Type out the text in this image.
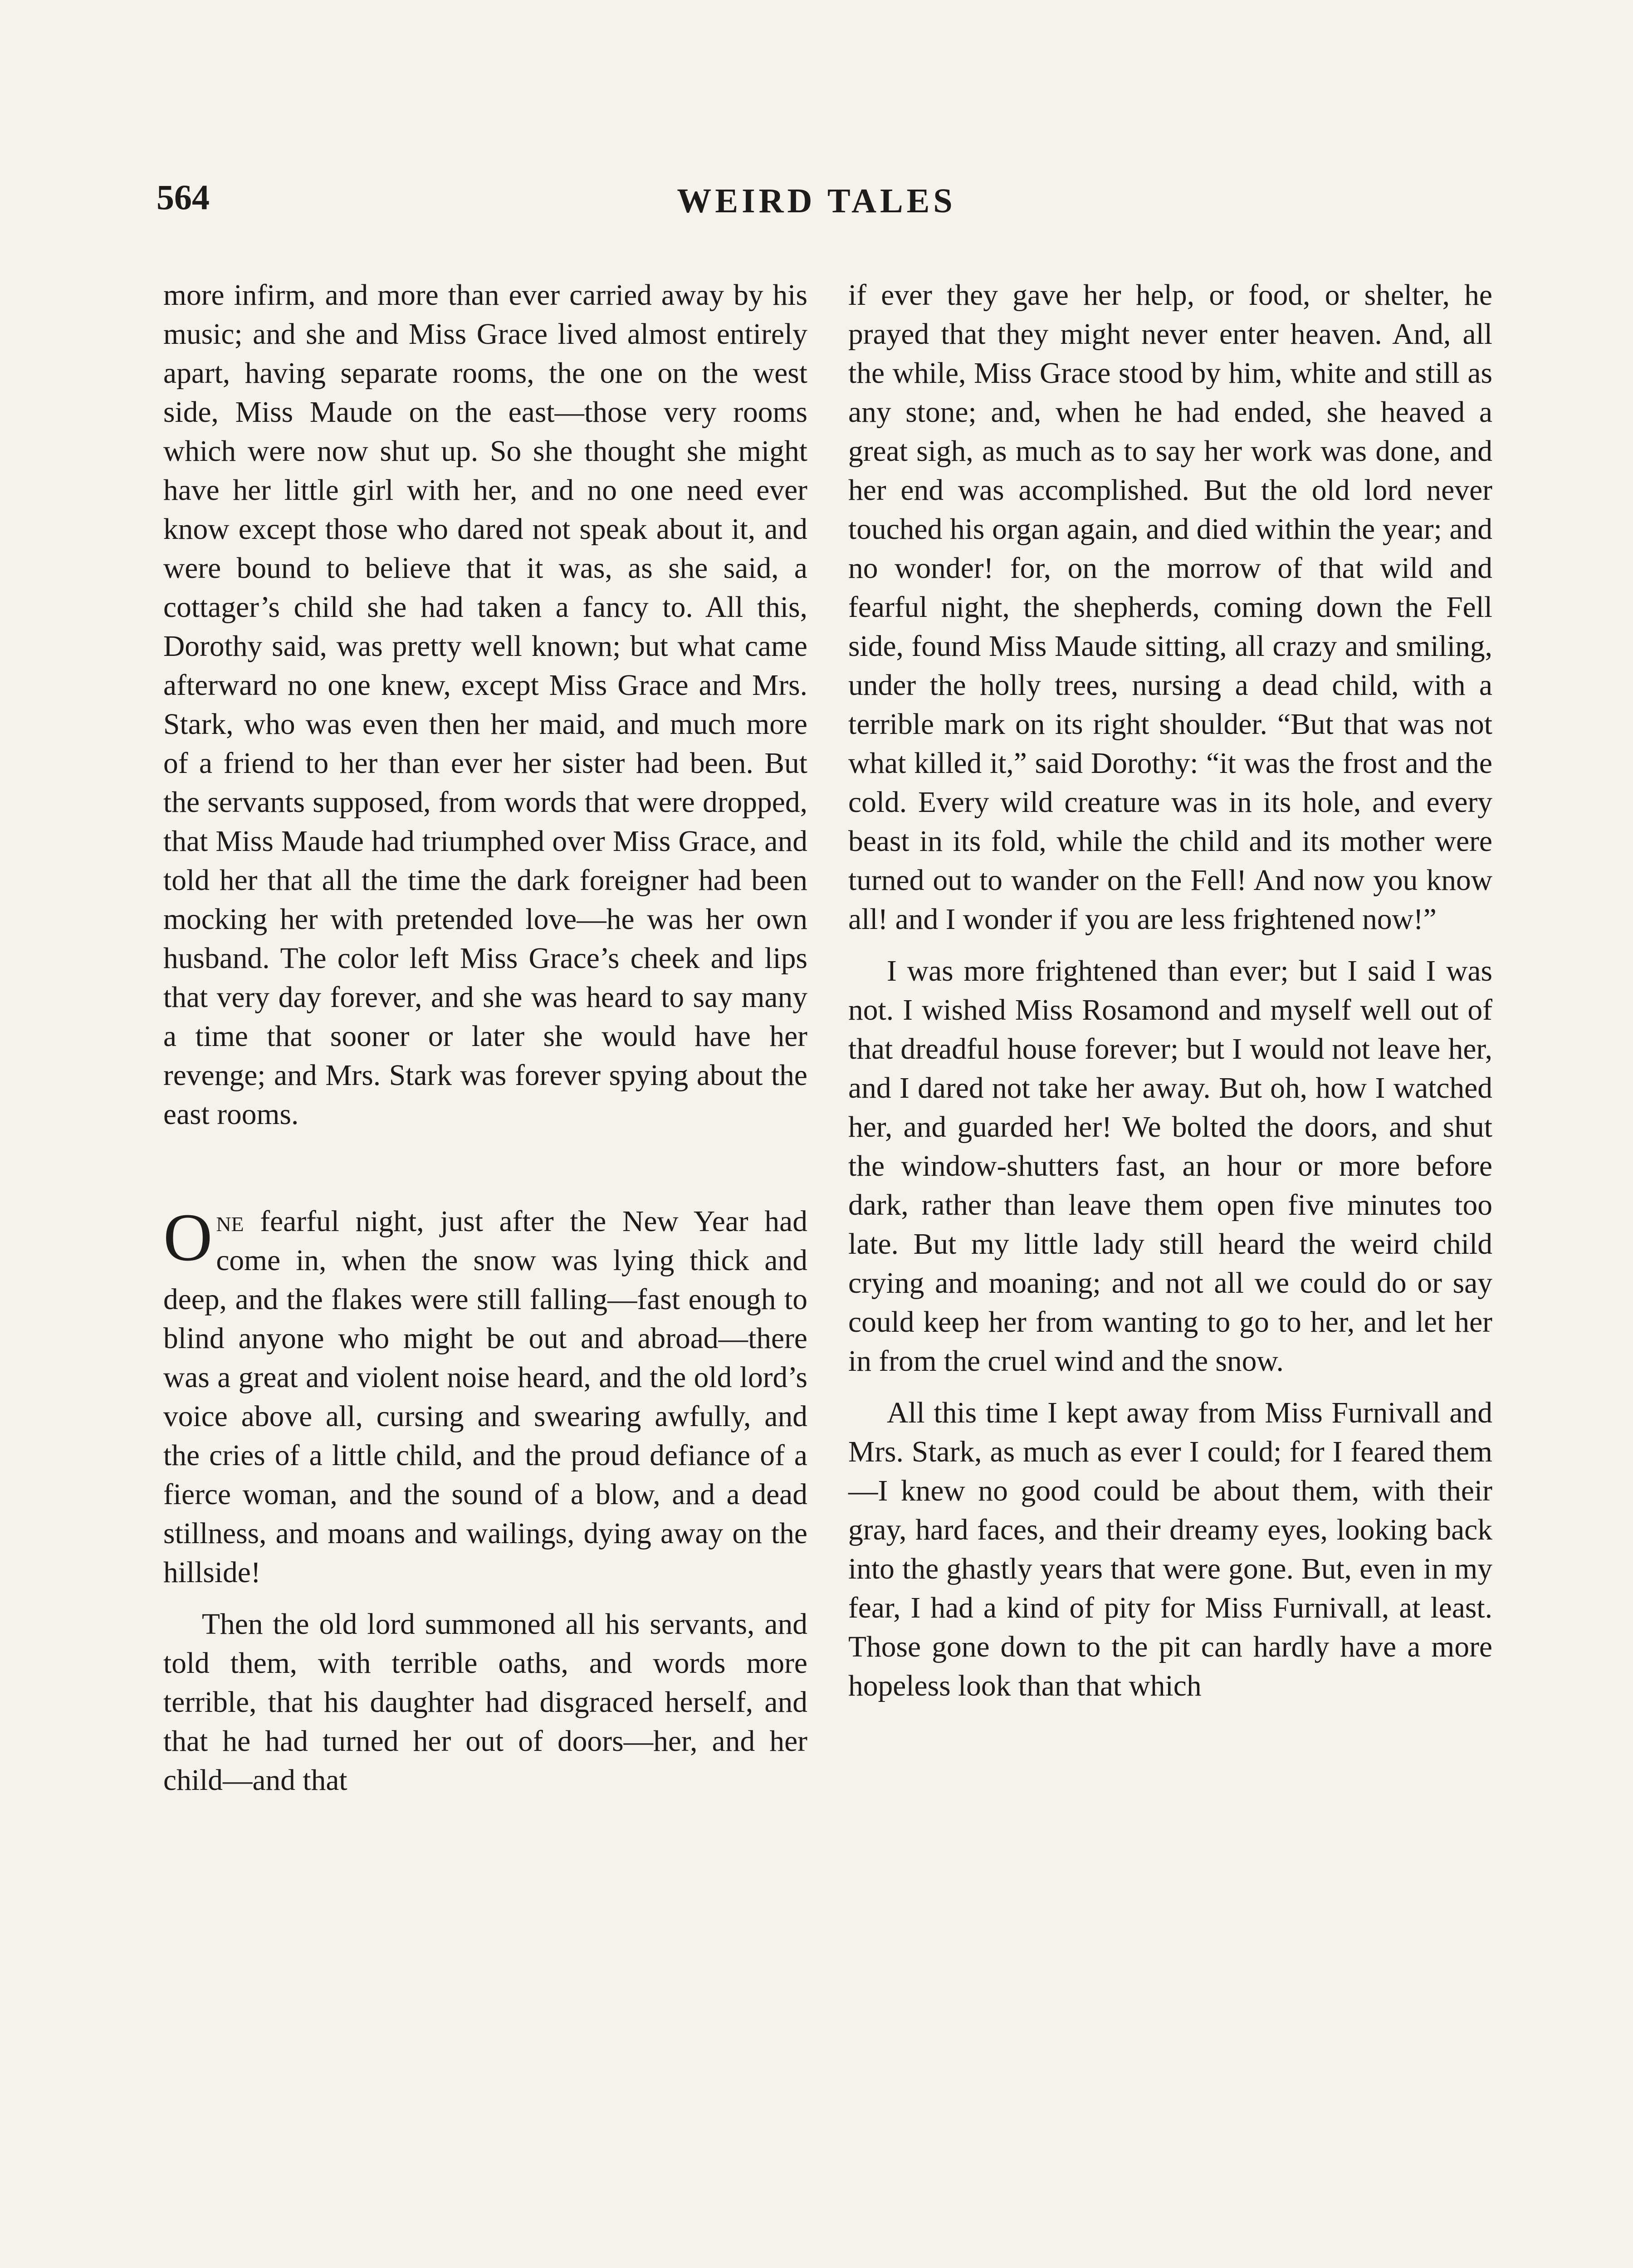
564	WEIRD TALES

more infirm, and more than ever carried away by his music; and she and Miss Grace lived almost entirely apart, having separate rooms, the one on the west side, Miss Maude on the east—those very rooms which were now shut up. So she thought she might have her little girl with her, and no one need ever know except those who dared not speak about it, and were bound to believe that it was, as she said, a cottager’s child she had taken a fancy to. All this, Dorothy said, was pretty well known; but what came afterward no one knew, except Miss Grace and Mrs. Stark, who was even then her maid, and much more of a friend to her than ever her sister had been. But the servants supposed, from words that were dropped, that Miss Maude had triumphed over Miss Grace, and told her that all the time the dark foreigner had been mocking her with pretended love—he was her own husband. The color left Miss Grace’s cheek and lips that very day forever, and she was heard to say many a time that sooner or later she would have her revenge; and Mrs. Stark was forever spying about the east rooms.

One fearful night, just after the New Year had come in, when the snow was lying thick and deep, and the flakes were still falling—fast enough to blind anyone who might be out and abroad—there was a great and violent noise heard, and the old lord’s voice above all, cursing and swearing awfully, and the cries of a little child, and the proud defiance of a fierce woman, and the sound of a blow, and a dead stillness, and moans and wailings, dying away on the hillside!

Then the old lord summoned all his servants, and told them, with terrible oaths, and words more terrible, that his daughter had disgraced herself, and that he had turned her out of doors—her, and her child—and that

if ever they gave her help, or food, or shelter, he prayed that they might never enter heaven. And, all the while, Miss Grace stood by him, white and still as any stone; and, when he had ended, she heaved a great sigh, as much as to say her work was done, and her end was accomplished. But the old lord never touched his organ again, and died within the year; and no wonder! for, on the morrow of that wild and fearful night, the shepherds, coming down the Fell side, found Miss Maude sitting, all crazy and smiling, under the holly trees, nursing a dead child, with a terrible mark on its right shoulder. “But that was not what killed it,” said Dorothy: “it was the frost and the cold. Every wild creature was in its hole, and every beast in its fold, while the child and its mother were turned out to wander on the Fell! And now you know all! and I wonder if you are less frightened now!”

I was more frightened than ever; but I said I was not. I wished Miss Rosamond and myself well out of that dreadful house forever; but I would not leave her, and I dared not take her away. But oh, how I watched her, and guarded her! We bolted the doors, and shut the window-shutters fast, an hour or more before dark, rather than leave them open five minutes too late. But my little lady still heard the weird child crying and moaning; and not all we could do or say could keep her from wanting to go to her, and let her in from the cruel wind and the snow.

All this time I kept away from Miss Furnivall and Mrs. Stark, as much as ever I could; for I feared them—I knew no good could be about them, with their gray, hard faces, and their dreamy eyes, looking back into the ghastly years that were gone. But, even in my fear, I had a kind of pity for Miss Furnivall, at least. Those gone down to the pit can hardly have a more hopeless look than that which
